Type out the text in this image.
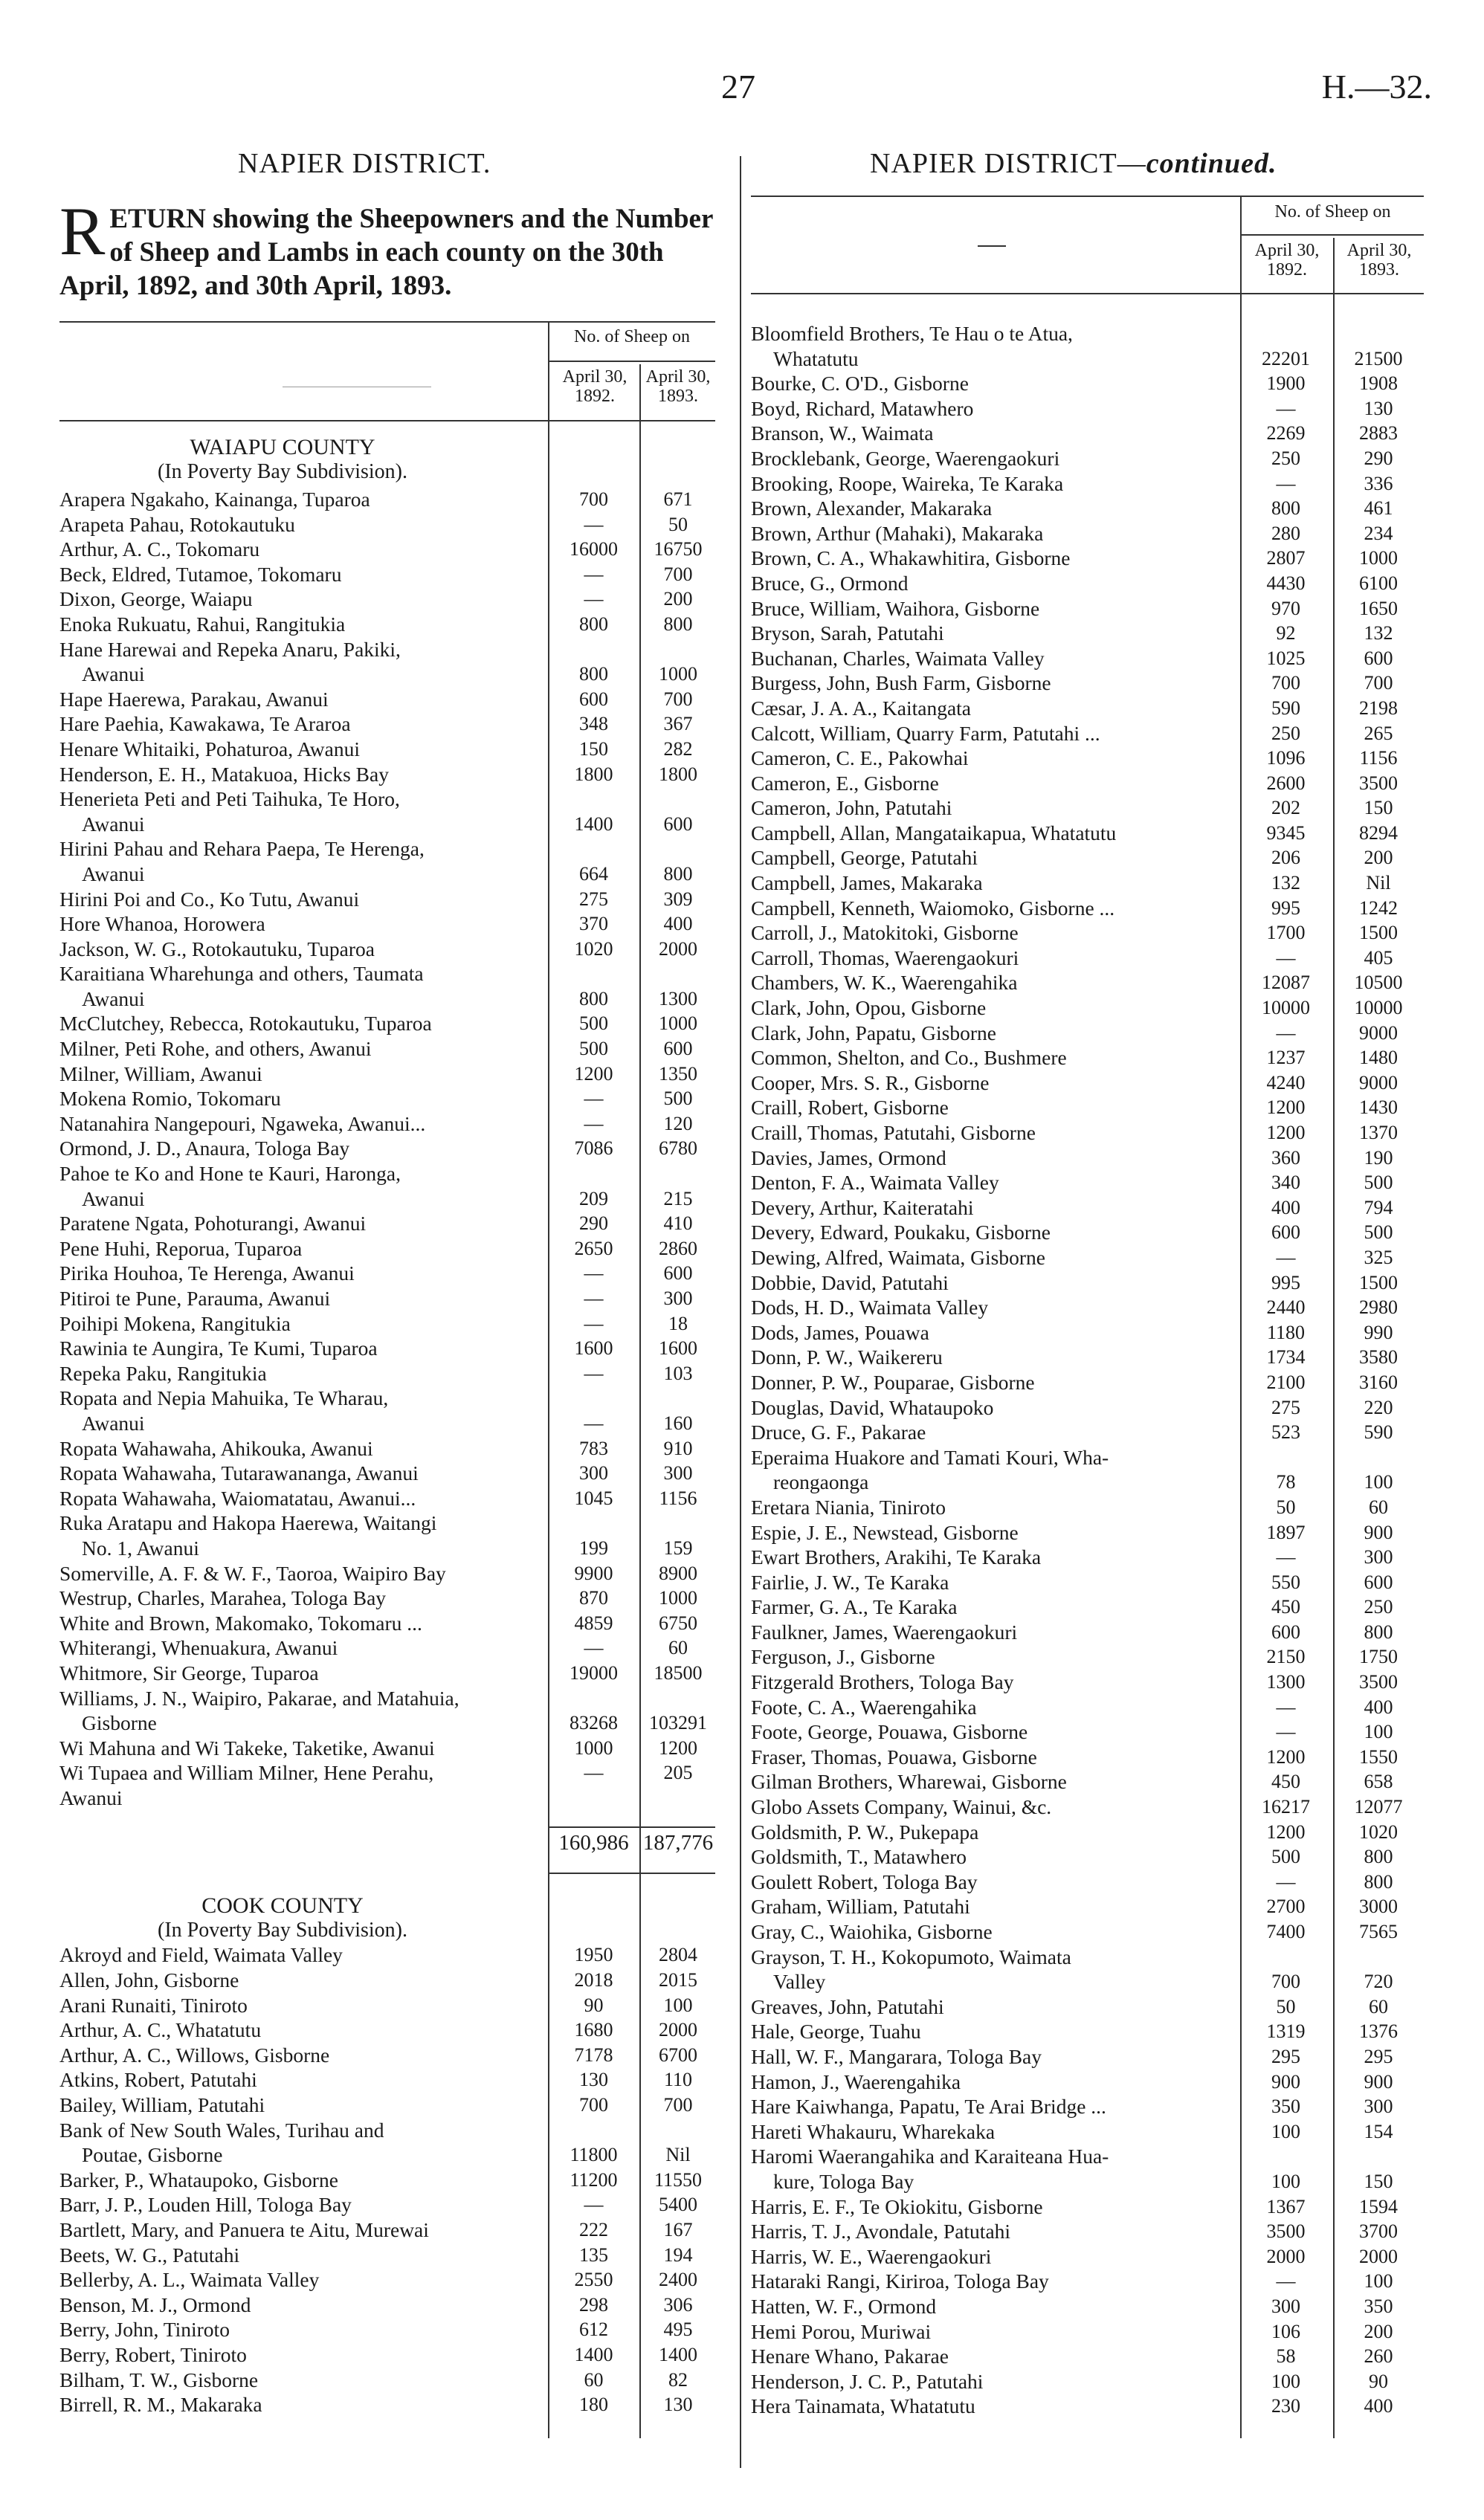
27	H.—32.
NAPIER DISTRICT.	NAPIER DISTRICT—continued.
RETURN showing the Sheepowners and the Number of Sheep and Lambs in each county on the 30th April, 1892, and 30th April, 1893.
No. of Sheep on
April 30, 1892.
April 30, 1893.
WAIAPU COUNTY
(In Poverty Bay Subdivision).
Arapera Ngakaho, Kainanga, Tuparoa	700	671
Arapeta Pahau, Rotokautuku	—	50
Arthur, A. C., Tokomaru	16000	16750
Beck, Eldred, Tutamoe, Tokomaru	—	700
Dixon, George, Waiapu	—	200
Enoka Rukuatu, Rahui, Rangitukia	800	800
Hane Harewai and Repeka Anaru, Pakiki,
Awanui	800	1000
Hape Haerewa, Parakau, Awanui	600	700
Hare Paehia, Kawakawa, Te Araroa	348	367
Henare Whitaiki, Pohaturoa, Awanui	150	282
Henderson, E. H., Matakuoa, Hicks Bay	1800	1800
Henerieta Peti and Peti Taihuka, Te Horo,
Awanui	1400	600
Hirini Pahau and Rehara Paepa, Te Herenga,
Awanui	664	800
Hirini Poi and Co., Ko Tutu, Awanui	275	309
Hore Whanoa, Horowera	370	400
Jackson, W. G., Rotokautuku, Tuparoa	1020	2000
Karaitiana Wharehunga and others, Taumata
Awanui	800	1300
McClutchey, Rebecca, Rotokautuku, Tuparoa	500	1000
Milner, Peti Rohe, and others, Awanui	500	600
Milner, William, Awanui	1200	1350
Mokena Romio, Tokomaru	—	500
Natanahira Nangepouri, Ngaweka, Awanui...	—	120
Ormond, J. D., Anaura, Tologa Bay	7086	6780
Pahoe te Ko and Hone te Kauri, Haronga,
Awanui	209	215
Paratene Ngata, Pohoturangi, Awanui	290	410
Pene Huhi, Reporua, Tuparoa	2650	2860
Pirika Houhoa, Te Herenga, Awanui	—	600
Pitiroi te Pune, Parauma, Awanui	—	300
Poihipi Mokena, Rangitukia	—	18
Rawinia te Aungira, Te Kumi, Tuparoa	1600	1600
Repeka Paku, Rangitukia	—	103
Ropata and Nepia Mahuika, Te Wharau,
Awanui	—	160
Ropata Wahawaha, Ahikouka, Awanui	783	910
Ropata Wahawaha, Tutarawananga, Awanui	300	300
Ropata Wahawaha, Waiomatatau, Awanui...	1045	1156
Ruka Aratapu and Hakopa Haerewa, Waitangi
No. 1, Awanui	199	159
Somerville, A. F. & W. F., Taoroa, Waipiro Bay	9900	8900
Westrup, Charles, Marahea, Tologa Bay	870	1000
White and Brown, Makomako, Tokomaru ...	4859	6750
Whiterangi, Whenuakura, Awanui	—	60
Whitmore, Sir George, Tuparoa	19000	18500
Williams, J. N., Waipiro, Pakarae, and Matahuia,
Gisborne	83268	103291
Wi Mahuna and Wi Takeke, Taketike, Awanui	1000	1200
Wi Tupaea and William Milner, Hene Perahu,	—	205
Awanui
160,986 187,776
COOK COUNTY
(In Poverty Bay Subdivision).
Akroyd and Field, Waimata Valley	1950	2804
Allen, John, Gisborne	2018	2015
Arani Runaiti, Tiniroto	90	100
Arthur, A. C., Whatatutu	1680	2000
Arthur, A. C., Willows, Gisborne	7178	6700
Atkins, Robert, Patutahi	130	110
Bailey, William, Patutahi	700	700
Bank of New South Wales, Turihau and
Poutae, Gisborne	11800	Nil
Barker, P., Whataupoko, Gisborne	11200	11550
Barr, J. P., Louden Hill, Tologa Bay	—	5400
Bartlett, Mary, and Panuera te Aitu, Murewai	222	167
Beets, W. G., Patutahi	135	194
Bellerby, A. L., Waimata Valley	2550	2400
Benson, M. J., Ormond	298	306
Berry, John, Tiniroto	612	495
Berry, Robert, Tiniroto	1400	1400
Bilham, T. W., Gisborne	60	82
Birrell, R. M., Makaraka	180	130
No. of Sheep on
April 30, 1892.
April 30, 1893.
Bloomfield Brothers, Te Hau o te Atua,
Whatatutu	22201	21500
Bourke, C. O'D., Gisborne	1900	1908
Boyd, Richard, Matawhero	—	130
Branson, W., Waimata	2269	2883
Brocklebank, George, Waerengaokuri	250	290
Brooking, Roope, Waireka, Te Karaka	—	336
Brown, Alexander, Makaraka	800	461
Brown, Arthur (Mahaki), Makaraka	280	234
Brown, C. A., Whakawhitira, Gisborne	2807	1000
Bruce, G., Ormond	4430	6100
Bruce, William, Waihora, Gisborne	970	1650
Bryson, Sarah, Patutahi	92	132
Buchanan, Charles, Waimata Valley	1025	600
Burgess, John, Bush Farm, Gisborne	700	700
Cæsar, J. A. A., Kaitangata	590	2198
Calcott, William, Quarry Farm, Patutahi ...	250	265
Cameron, C. E., Pakowhai	1096	1156
Cameron, E., Gisborne	2600	3500
Cameron, John, Patutahi	202	150
Campbell, Allan, Mangataikapua, Whatatutu	9345	8294
Campbell, George, Patutahi	206	200
Campbell, James, Makaraka	132	Nil
Campbell, Kenneth, Waiomoko, Gisborne ...	995	1242
Carroll, J., Matokitoki, Gisborne	1700	1500
Carroll, Thomas, Waerengaokuri	—	405
Chambers, W. K., Waerengahika	12087	10500
Clark, John, Opou, Gisborne	10000	10000
Clark, John, Papatu, Gisborne	—	9000
Common, Shelton, and Co., Bushmere	1237	1480
Cooper, Mrs. S. R., Gisborne	4240	9000
Craill, Robert, Gisborne	1200	1430
Craill, Thomas, Patutahi, Gisborne	1200	1370
Davies, James, Ormond	360	190
Denton, F. A., Waimata Valley	340	500
Devery, Arthur, Kaiteratahi	400	794
Devery, Edward, Poukaku, Gisborne	600	500
Dewing, Alfred, Waimata, Gisborne	—	325
Dobbie, David, Patutahi	995	1500
Dods, H. D., Waimata Valley	2440	2980
Dods, James, Pouawa	1180	990
Donn, P. W., Waikereru	1734	3580
Donner, P. W., Pouparae, Gisborne	2100	3160
Douglas, David, Whataupoko	275	220
Druce, G. F., Pakarae	523	590
Eperaima Huakore and Tamati Kouri, Wha-
reongaonga	78	100
Eretara Niania, Tiniroto	50	60
Espie, J. E., Newstead, Gisborne	1897	900
Ewart Brothers, Arakihi, Te Karaka	—	300
Fairlie, J. W., Te Karaka	550	600
Farmer, G. A., Te Karaka	450	250
Faulkner, James, Waerengaokuri	600	800
Ferguson, J., Gisborne	2150	1750
Fitzgerald Brothers, Tologa Bay	1300	3500
Foote, C. A., Waerengahika	—	400
Foote, George, Pouawa, Gisborne	—	100
Fraser, Thomas, Pouawa, Gisborne	1200	1550
Gilman Brothers, Wharewai, Gisborne	450	658
Globo Assets Company, Wainui, &c.	16217	12077
Goldsmith, P. W., Pukepapa	1200	1020
Goldsmith, T., Matawhero	500	800
Goulett Robert, Tologa Bay	—	800
Graham, William, Patutahi	2700	3000
Gray, C., Waiohika, Gisborne	7400	7565
Grayson, T. H., Kokopumoto, Waimata
Valley	700	720
Greaves, John, Patutahi	50	60
Hale, George, Tuahu	1319	1376
Hall, W. F., Mangarara, Tologa Bay	295	295
Hamon, J., Waerengahika	900	900
Hare Kaiwhanga, Papatu, Te Arai Bridge ...	350	300
Hareti Whakauru, Wharekaka	100	154
Haromi Waerangahika and Karaiteana Hua-
kure, Tologa Bay	100	150
Harris, E. F., Te Okiokitu, Gisborne	1367	1594
Harris, T. J., Avondale, Patutahi	3500	3700
Harris, W. E., Waerengaokuri	2000	2000
Hataraki Rangi, Kiriroa, Tologa Bay	—	100
Hatten, W. F., Ormond	300	350
Hemi Porou, Muriwai	106	200
Henare Whano, Pakarae	58	260
Henderson, J. C. P., Patutahi	100	90
Hera Tainamata, Whatatutu	230	400
